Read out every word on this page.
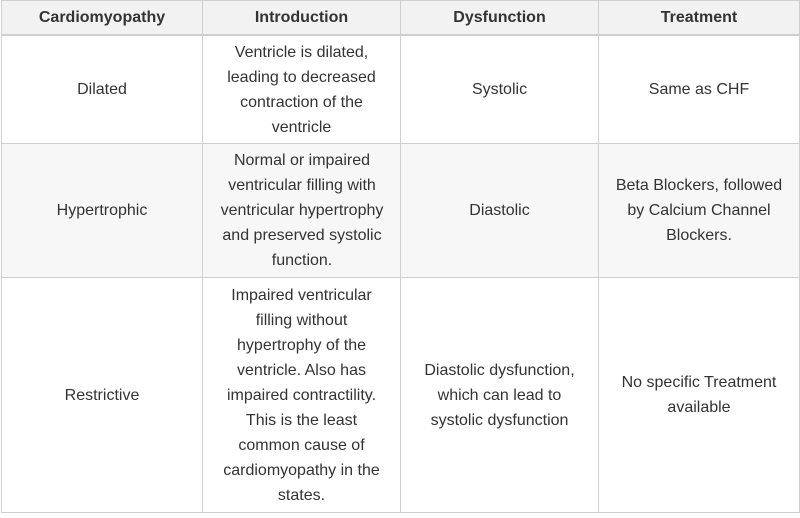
Cardiomyopathy	Introduction	Dysfunction	Treatment
Dilated	Ventricle is dilated, leading to decreased contraction of the ventricle	Systolic	Same as CHF
Hypertrophic	Normal or impaired ventricular filling with ventricular hypertrophy and preserved systolic function.	Diastolic	Beta Blockers, followed by Calcium Channel Blockers.
Restrictive	Impaired ventricular filling without hypertrophy of the ventricle. Also has impaired contractility. This is the least common cause of cardiomyopathy in the states.	Diastolic dysfunction, which can lead to systolic dysfunction	No specific Treatment available
